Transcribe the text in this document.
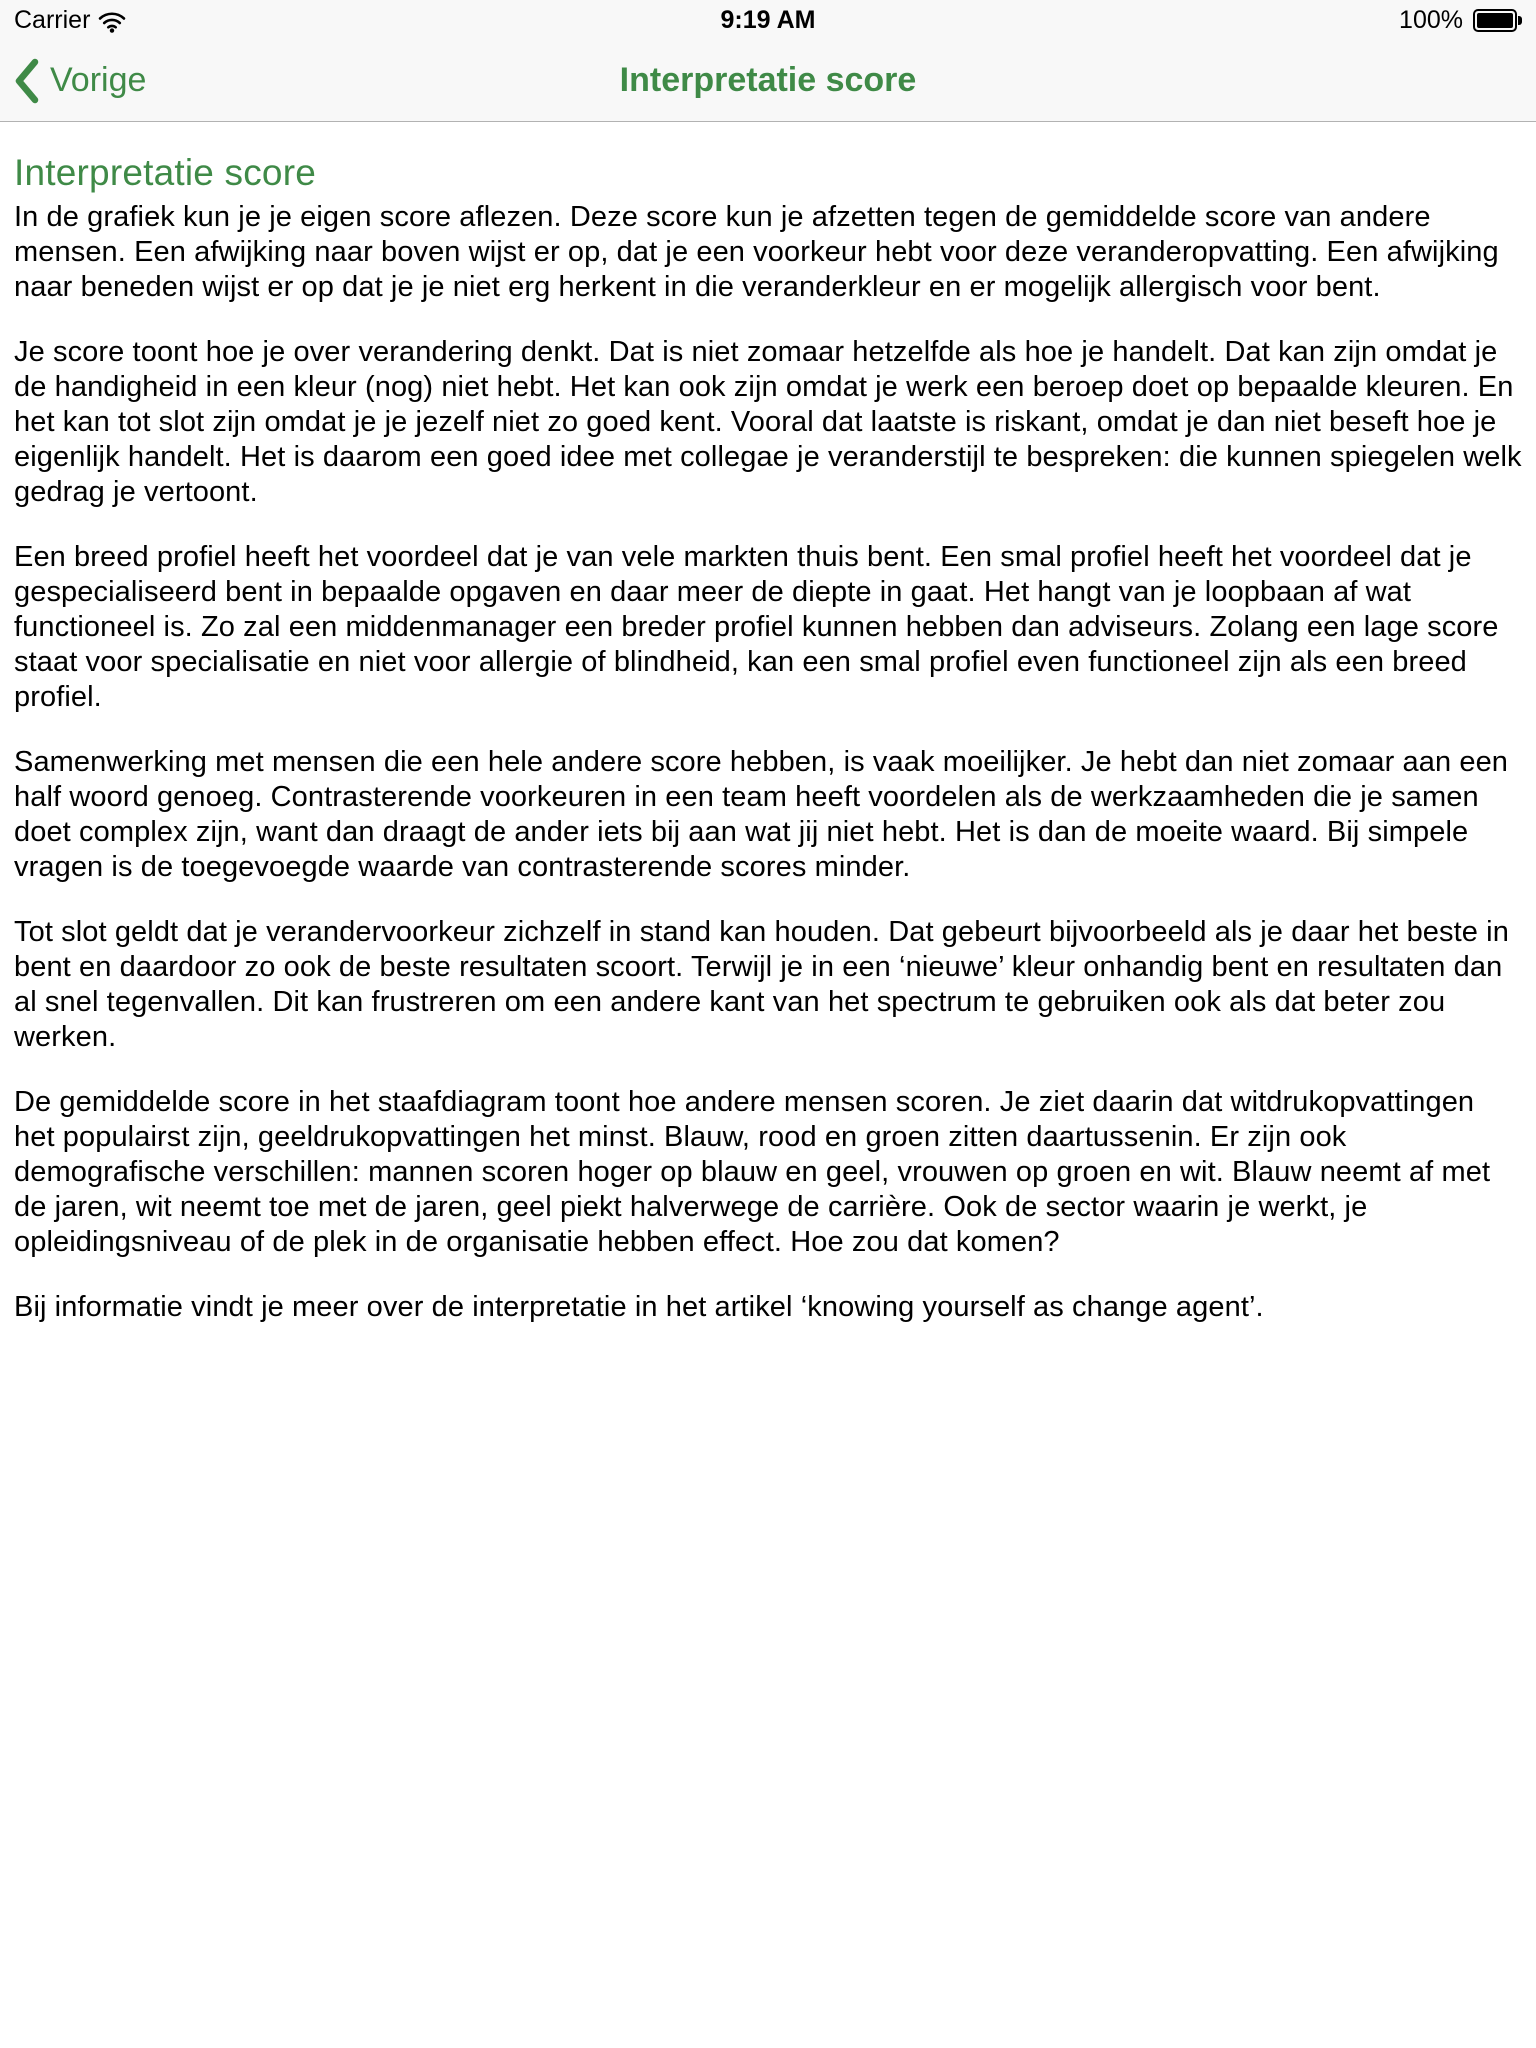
Carrier	9:19 AM	100%
Vorige	Interpretatie score
Interpretatie score

In de grafiek kun je je eigen score aflezen. Deze score kun je afzetten tegen de gemiddelde score van andere mensen. Een afwijking naar boven wijst er op, dat je een voorkeur hebt voor deze veranderopvatting. Een afwijking naar beneden wijst er op dat je je niet erg herkent in die veranderkleur en er mogelijk allergisch voor bent.

Je score toont hoe je over verandering denkt. Dat is niet zomaar hetzelfde als hoe je handelt. Dat kan zijn omdat je de handigheid in een kleur (nog) niet hebt. Het kan ook zijn omdat je werk een beroep doet op bepaalde kleuren. En het kan tot slot zijn omdat je je jezelf niet zo goed kent. Vooral dat laatste is riskant, omdat je dan niet beseft hoe je eigenlijk handelt. Het is daarom een goed idee met collegae je veranderstijl te bespreken: die kunnen spiegelen welk gedrag je vertoont.

Een breed profiel heeft het voordeel dat je van vele markten thuis bent. Een smal profiel heeft het voordeel dat je gespecialiseerd bent in bepaalde opgaven en daar meer de diepte in gaat. Het hangt van je loopbaan af wat functioneel is. Zo zal een middenmanager een breder profiel kunnen hebben dan adviseurs. Zolang een lage score staat voor specialisatie en niet voor allergie of blindheid, kan een smal profiel even functioneel zijn als een breed profiel.

Samenwerking met mensen die een hele andere score hebben, is vaak moeilijker. Je hebt dan niet zomaar aan een half woord genoeg. Contrasterende voorkeuren in een team heeft voordelen als de werkzaamheden die je samen doet complex zijn, want dan draagt de ander iets bij aan wat jij niet hebt. Het is dan de moeite waard. Bij simpele vragen is de toegevoegde waarde van contrasterende scores minder.

Tot slot geldt dat je verandervoorkeur zichzelf in stand kan houden. Dat gebeurt bijvoorbeeld als je daar het beste in bent en daardoor zo ook de beste resultaten scoort. Terwijl je in een ‘nieuwe’ kleur onhandig bent en resultaten dan al snel tegenvallen. Dit kan frustreren om een andere kant van het spectrum te gebruiken ook als dat beter zou werken.

De gemiddelde score in het staafdiagram toont hoe andere mensen scoren. Je ziet daarin dat witdrukopvattingen het populairst zijn, geeldrukopvattingen het minst. Blauw, rood en groen zitten daartussenin. Er zijn ook demografische verschillen: mannen scoren hoger op blauw en geel, vrouwen op groen en wit. Blauw neemt af met de jaren, wit neemt toe met de jaren, geel piekt halverwege de carrière. Ook de sector waarin je werkt, je opleidingsniveau of de plek in de organisatie hebben effect. Hoe zou dat komen?

Bij informatie vindt je meer over de interpretatie in het artikel ‘knowing yourself as change agent’.
